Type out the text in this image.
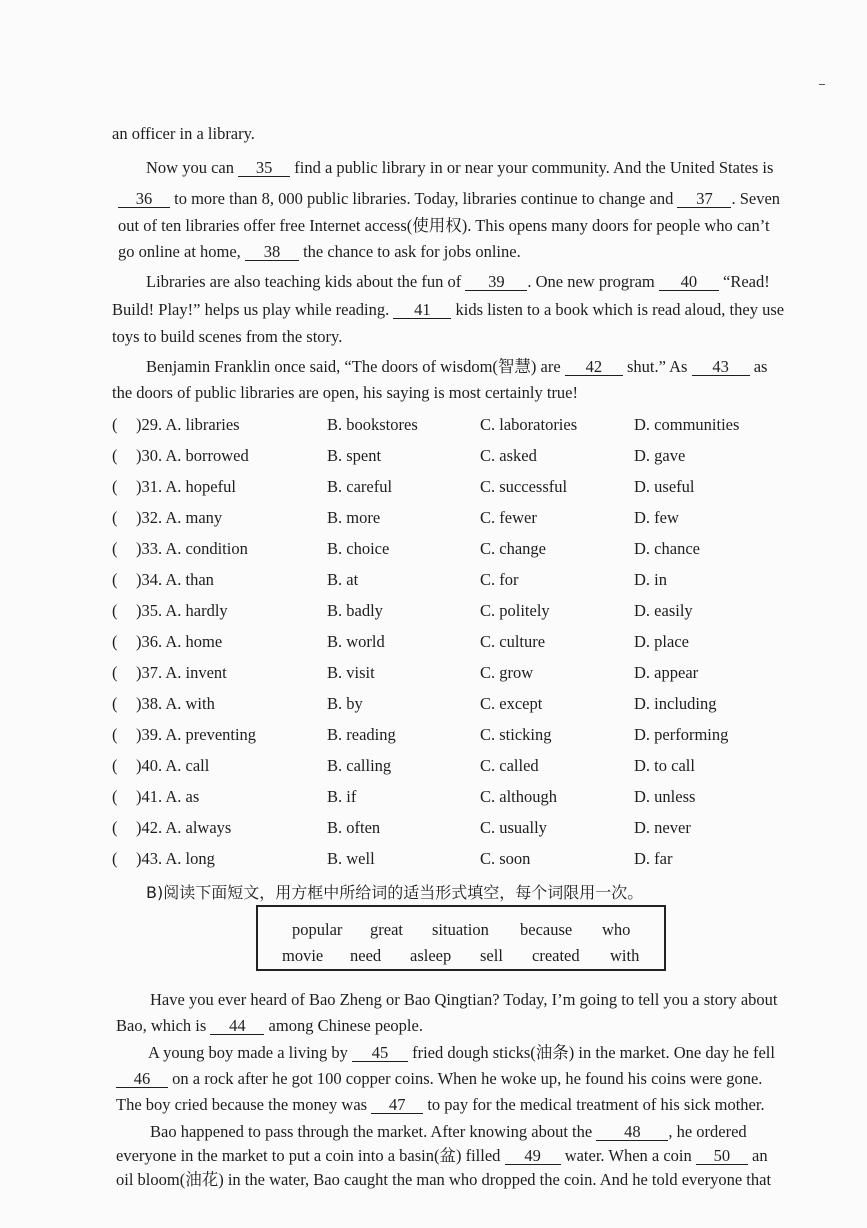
an officer in a library.
Now you can 35 find a public library in or near your community. And the United States is
36 to more than 8, 000 public libraries. Today, libraries continue to change and 37 . Seven
out of ten libraries offer free Internet access(使用权). This opens many doors for people who can’t
go online at home, 38 the chance to ask for jobs online.
Libraries are also teaching kids about the fun of 39 . One new program 40 “Read!
Build! Play!” helps us play while reading. 41 kids listen to a book which is read aloud, they use
toys to build scenes from the story.
Benjamin Franklin once said, “The doors of wisdom(智慧) are 42 shut.” As 43 as
the doors of public libraries are open, his saying is most certainly true!
( )29. A. libraries	B. bookstores	C. laboratories	D. communities
( )30. A. borrowed	B. spent	C. asked	D. gave
( )31. A. hopeful	B. careful	C. successful	D. useful
( )32. A. many	B. more	C. fewer	D. few
( )33. A. condition	B. choice	C. change	D. chance
( )34. A. than	B. at	C. for	D. in
( )35. A. hardly	B. badly	C. politely	D. easily
( )36. A. home	B. world	C. culture	D. place
( )37. A. invent	B. visit	C. grow	D. appear
( )38. A. with	B. by	C. except	D. including
( )39. A. preventing	B. reading	C. sticking	D. performing
( )40. A. call	B. calling	C. called	D. to call
( )41. A. as	B. if	C. although	D. unless
( )42. A. always	B. often	C. usually	D. never
( )43. A. long	B. well	C. soon	D. far
B)阅读下面短文，用方框中所给词的适当形式填空，每个词限用一次。
popular great situation because who
movie need asleep sell created with
Have you ever heard of Bao Zheng or Bao Qingtian? Today, I’m going to tell you a story about
Bao, which is 44 among Chinese people.
A young boy made a living by 45 fried dough sticks(油条) in the market. One day he fell
46 on a rock after he got 100 copper coins. When he woke up, he found his coins were gone.
The boy cried because the money was 47 to pay for the medical treatment of his sick mother.
Bao happened to pass through the market. After knowing about the 48 , he ordered
everyone in the market to put a coin into a basin(盆) filled 49 water. When a coin 50 an
oil bloom(油花) in the water, Bao caught the man who dropped the coin. And he told everyone that
